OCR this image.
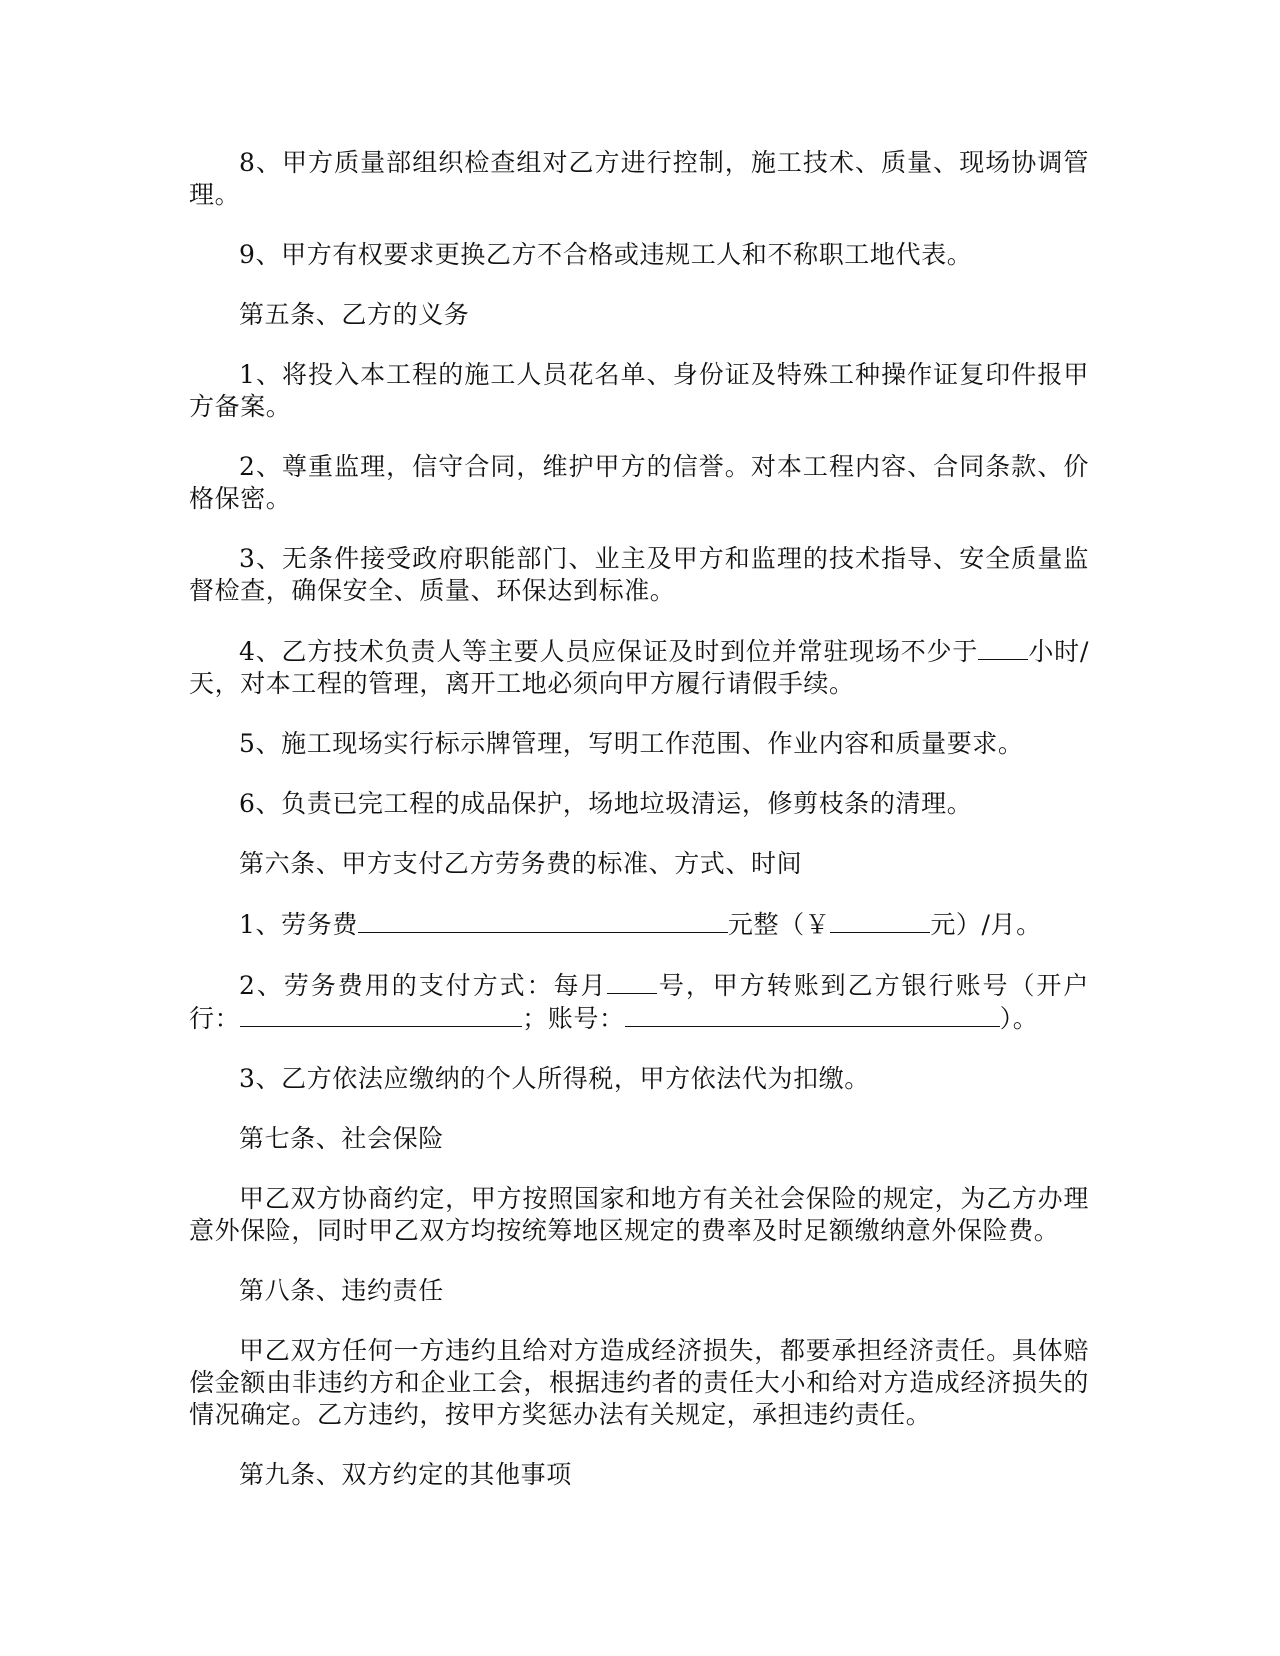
8、甲方质量部组织检查组对乙方进行控制，施工技术、质量、现场协调管理。

9、甲方有权要求更换乙方不合格或违规工人和不称职工地代表。

第五条、乙方的义务

1、将投入本工程的施工人员花名单、身份证及特殊工种操作证复印件报甲方备案。

2、尊重监理，信守合同，维护甲方的信誉。对本工程内容、合同条款、价格保密。

3、无条件接受政府职能部门、业主及甲方和监理的技术指导、安全质量监督检查，确保安全、质量、环保达到标准。

4、乙方技术负责人等主要人员应保证及时到位并常驻现场不少于 小时/天，对本工程的管理，离开工地必须向甲方履行请假手续。

5、施工现场实行标示牌管理，写明工作范围、作业内容和质量要求。

6、负责已完工程的成品保护，场地垃圾清运，修剪枝条的清理。

第六条、甲方支付乙方劳务费的标准、方式、时间

1、劳务费	元整（￥	元）/月。

2、劳务费用的支付方式：每月 号，甲方转账到乙方银行账号（开户行：	；账号：	）。

3、乙方依法应缴纳的个人所得税，甲方依法代为扣缴。

第七条、社会保险

甲乙双方协商约定，甲方按照国家和地方有关社会保险的规定，为乙方办理意外保险，同时甲乙双方均按统筹地区规定的费率及时足额缴纳意外保险费。

第八条、违约责任

甲乙双方任何一方违约且给对方造成经济损失，都要承担经济责任。具体赔偿金额由非违约方和企业工会，根据违约者的责任大小和给对方造成经济损失的情况确定。乙方违约，按甲方奖惩办法有关规定，承担违约责任。

第九条、双方约定的其他事项
